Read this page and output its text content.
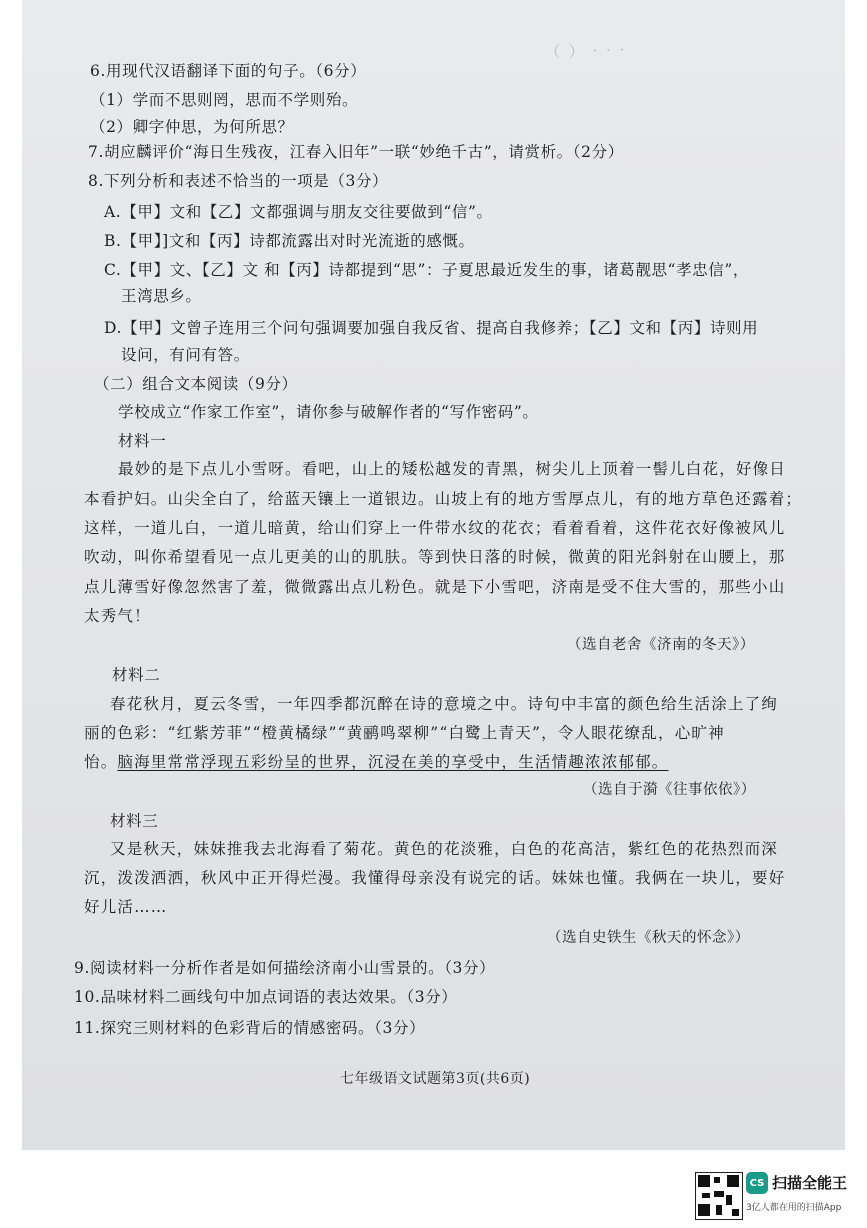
（ ） · · ·
6.用现代汉语翻译下面的句子。（6分）
（1）学而不思则罔，思而不学则殆。
（2）卿字仲思，为何所思？
7.胡应麟评价“海日生残夜，江春入旧年”一联“妙绝千古”，请赏析。（2分）
8.下列分析和表述不恰当的一项是（3分）
A.【甲】文和【乙】文都强调与朋友交往要做到“信”。
B.【甲】]文和【丙】诗都流露出对时光流逝的感慨。
C.【甲】文、【乙】文 和【丙】诗都提到“思”：子夏思最近发生的事，诸葛靓思“孝忠信”，
王湾思乡。
D.【甲】文曾子连用三个问句强调要加强自我反省、提高自我修养；【乙】文和【丙】诗则用
设问，有问有答。
（二）组合文本阅读（9分）
学校成立“作家工作室”，请你参与破解作者的“写作密码”。
材料一
最妙的是下点儿小雪呀。看吧，山上的矮松越发的青黑，树尖儿上顶着一髻儿白花，好像日
本看护妇。山尖全白了，给蓝天镶上一道银边。山坡上有的地方雪厚点儿，有的地方草色还露着；
这样，一道儿白，一道儿暗黄，给山们穿上一件带水纹的花衣；看着看着，这件花衣好像被风儿
吹动，叫你希望看见一点儿更美的山的肌肤。等到快日落的时候，微黄的阳光斜射在山腰上，那
点儿薄雪好像忽然害了羞，微微露出点儿粉色。就是下小雪吧，济南是受不住大雪的，那些小山
太秀气！
（选自老舍《济南的冬天》）
材料二
春花秋月，夏云冬雪，一年四季都沉醉在诗的意境之中。诗句中丰富的颜色给生活涂上了绚
丽的色彩：“红紫芳菲”“橙黄橘绿”“黄鹂鸣翠柳”“白鹭上青天”，令人眼花缭乱，心旷神
怡。脑海里常常浮现五彩纷呈的世界，沉浸在美的享受中，生活情趣浓浓郁郁。
（选自于漪《往事依依》）
材料三
又是秋天，妹妹推我去北海看了菊花。黄色的花淡雅，白色的花高洁，紫红色的花热烈而深
沉，泼泼洒洒，秋风中正开得烂漫。我懂得母亲没有说完的话。妹妹也懂。我俩在一块儿，要好
好儿活……
（选自史铁生《秋天的怀念》）
9.阅读材料一分析作者是如何描绘济南小山雪景的。（3分）
10.品味材料二画线句中加点词语的表达效果。（3分）
11.探究三则材料的色彩背后的情感密码。（3分）
七年级语文试题第3页(共6页)
CS 扫描全能王
3亿人都在用的扫描App
